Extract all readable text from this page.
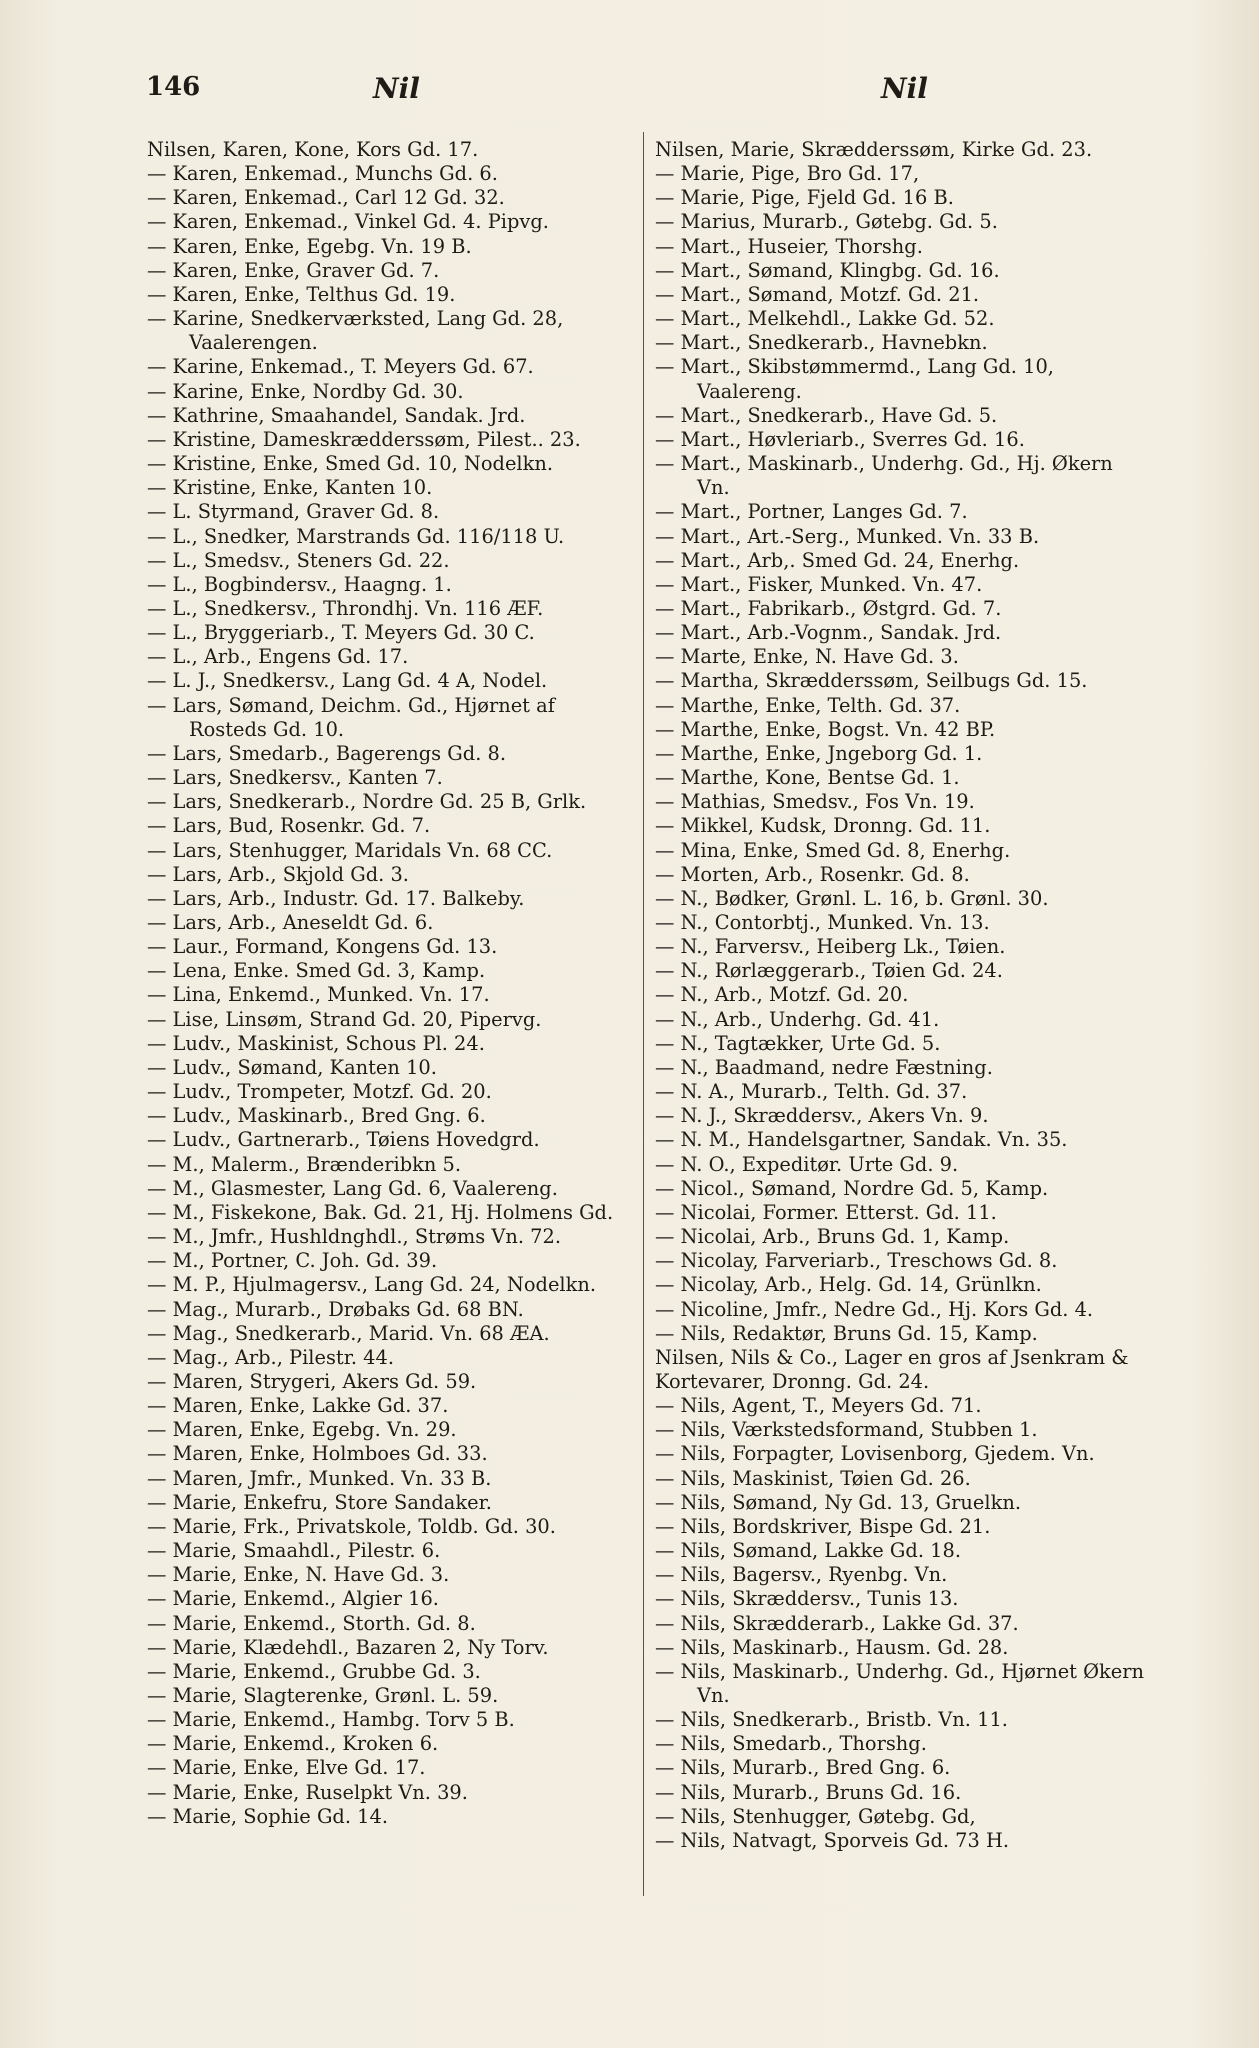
146	Nil	Nil
Nilsen, Karen, Kone, Kors Gd. 17.
— Karen, Enkemad., Munchs Gd. 6.
— Karen, Enkemad., Carl 12 Gd. 32.
— Karen, Enkemad., Vinkel Gd. 4. Pipvg.
— Karen, Enke, Egebg. Vn. 19 B.
— Karen, Enke, Graver Gd. 7.
— Karen, Enke, Telthus Gd. 19.
— Karine, Snedkerværksted, Lang Gd. 28, Vaalerengen.
— Karine, Enkemad., T. Meyers Gd. 67.
— Karine, Enke, Nordby Gd. 30.
— Kathrine, Smaahandel, Sandak. Jrd.
— Kristine, Dameskrædderssøm, Pilest.. 23.
— Kristine, Enke, Smed Gd. 10, Nodelkn.
— Kristine, Enke, Kanten 10.
— L. Styrmand, Graver Gd. 8.
— L., Snedker, Marstrands Gd. 116/118 U.
— L., Smedsv., Steners Gd. 22.
— L., Bogbindersv., Haagng. 1.
— L., Snedkersv., Throndhj. Vn. 116 ÆF.
— L., Bryggeriarb., T. Meyers Gd. 30 C.
— L., Arb., Engens Gd. 17.
— L. J., Snedkersv., Lang Gd. 4 A, Nodel.
— Lars, Sømand, Deichm. Gd., Hjørnet af Rosteds Gd. 10.
— Lars, Smedarb., Bagerengs Gd. 8.
— Lars, Snedkersv., Kanten 7.
— Lars, Snedkerarb., Nordre Gd. 25 B, Grlk.
— Lars, Bud, Rosenkr. Gd. 7.
— Lars, Stenhugger, Maridals Vn. 68 CC.
— Lars, Arb., Skjold Gd. 3.
— Lars, Arb., Industr. Gd. 17. Balkeby.
— Lars, Arb., Aneseldt Gd. 6.
— Laur., Formand, Kongens Gd. 13.
— Lena, Enke. Smed Gd. 3, Kamp.
— Lina, Enkemd., Munked. Vn. 17.
— Lise, Linsøm, Strand Gd. 20, Pipervg.
— Ludv., Maskinist, Schous Pl. 24.
— Ludv., Sømand, Kanten 10.
— Ludv., Trompeter, Motzf. Gd. 20.
— Ludv., Maskinarb., Bred Gng. 6.
— Ludv., Gartnerarb., Tøiens Hovedgrd.
— M., Malerm., Brænderibkn 5.
— M., Glasmester, Lang Gd. 6, Vaalereng.
— M., Fiskekone, Bak. Gd. 21, Hj. Holmens Gd.
— M., Jmfr., Hushldnghdl., Strøms Vn. 72.
— M., Portner, C. Joh. Gd. 39.
— M. P., Hjulmagersv., Lang Gd. 24, Nodelkn.
— Mag., Murarb., Drøbaks Gd. 68 BN.
— Mag., Snedkerarb., Marid. Vn. 68 ÆA.
— Mag., Arb., Pilestr. 44.
— Maren, Strygeri, Akers Gd. 59.
— Maren, Enke, Lakke Gd. 37.
— Maren, Enke, Egebg. Vn. 29.
— Maren, Enke, Holmboes Gd. 33.
— Maren, Jmfr., Munked. Vn. 33 B.
— Marie, Enkefru, Store Sandaker.
— Marie, Frk., Privatskole, Toldb. Gd. 30.
— Marie, Smaahdl., Pilestr. 6.
— Marie, Enke, N. Have Gd. 3.
— Marie, Enkemd., Algier 16.
— Marie, Enkemd., Storth. Gd. 8.
— Marie, Klædehdl., Bazaren 2, Ny Torv.
— Marie, Enkemd., Grubbe Gd. 3.
— Marie, Slagterenke, Grønl. L. 59.
— Marie, Enkemd., Hambg. Torv 5 B.
— Marie, Enkemd., Kroken 6.
— Marie, Enke, Elve Gd. 17.
— Marie, Enke, Ruselpkt Vn. 39.
— Marie, Sophie Gd. 14.
Nilsen, Marie, Skrædderssøm, Kirke Gd. 23.
— Marie, Pige, Bro Gd. 17,
— Marie, Pige, Fjeld Gd. 16 B.
— Marius, Murarb., Gøtebg. Gd. 5.
— Mart., Huseier, Thorshg.
— Mart., Sømand, Klingbg. Gd. 16.
— Mart., Sømand, Motzf. Gd. 21.
— Mart., Melkehdl., Lakke Gd. 52.
— Mart., Snedkerarb., Havnebkn.
— Mart., Skibstømmermd., Lang Gd. 10, Vaalereng.
— Mart., Snedkerarb., Have Gd. 5.
— Mart., Høvleriarb., Sverres Gd. 16.
— Mart., Maskinarb., Underhg. Gd., Hj. Økern Vn.
— Mart., Portner, Langes Gd. 7.
— Mart., Art.-Serg., Munked. Vn. 33 B.
— Mart., Arb,. Smed Gd. 24, Enerhg.
— Mart., Fisker, Munked. Vn. 47.
— Mart., Fabrikarb., Østgrd. Gd. 7.
— Mart., Arb.-Vognm., Sandak. Jrd.
— Marte, Enke, N. Have Gd. 3.
— Martha, Skrædderssøm, Seilbugs Gd. 15.
— Marthe, Enke, Telth. Gd. 37.
— Marthe, Enke, Bogst. Vn. 42 BP.
— Marthe, Enke, Jngeborg Gd. 1.
— Marthe, Kone, Bentse Gd. 1.
— Mathias, Smedsv., Fos Vn. 19.
— Mikkel, Kudsk, Dronng. Gd. 11.
— Mina, Enke, Smed Gd. 8, Enerhg.
— Morten, Arb., Rosenkr. Gd. 8.
— N., Bødker, Grønl. L. 16, b. Grønl. 30.
— N., Contorbtj., Munked. Vn. 13.
— N., Farversv., Heiberg Lk., Tøien.
— N., Rørlæggerarb., Tøien Gd. 24.
— N., Arb., Motzf. Gd. 20.
— N., Arb., Underhg. Gd. 41.
— N., Tagtækker, Urte Gd. 5.
— N., Baadmand, nedre Fæstning.
— N. A., Murarb., Telth. Gd. 37.
— N. J., Skræddersv., Akers Vn. 9.
— N. M., Handelsgartner, Sandak. Vn. 35.
— N. O., Expeditør. Urte Gd. 9.
— Nicol., Sømand, Nordre Gd. 5, Kamp.
— Nicolai, Former. Etterst. Gd. 11.
— Nicolai, Arb., Bruns Gd. 1, Kamp.
— Nicolay, Farveriarb., Treschows Gd. 8.
— Nicolay, Arb., Helg. Gd. 14, Grünlkn.
— Nicoline, Jmfr., Nedre Gd., Hj. Kors Gd. 4.
— Nils, Redaktør, Bruns Gd. 15, Kamp.
Nilsen, Nils & Co., Lager en gros af Jsenkram & Kortevarer, Dronng. Gd. 24.
— Nils, Agent, T., Meyers Gd. 71.
— Nils, Værkstedsformand, Stubben 1.
— Nils, Forpagter, Lovisenborg, Gjedem. Vn.
— Nils, Maskinist, Tøien Gd. 26.
— Nils, Sømand, Ny Gd. 13, Gruelkn.
— Nils, Bordskriver, Bispe Gd. 21.
— Nils, Sømand, Lakke Gd. 18.
— Nils, Bagersv., Ryenbg. Vn.
— Nils, Skræddersv., Tunis 13.
— Nils, Skrædderarb., Lakke Gd. 37.
— Nils, Maskinarb., Hausm. Gd. 28.
— Nils, Maskinarb., Underhg. Gd., Hjørnet Økern Vn.
— Nils, Snedkerarb., Bristb. Vn. 11.
— Nils, Smedarb., Thorshg.
— Nils, Murarb., Bred Gng. 6.
— Nils, Murarb., Bruns Gd. 16.
— Nils, Stenhugger, Gøtebg. Gd,
— Nils, Natvagt, Sporveis Gd. 73 H.
